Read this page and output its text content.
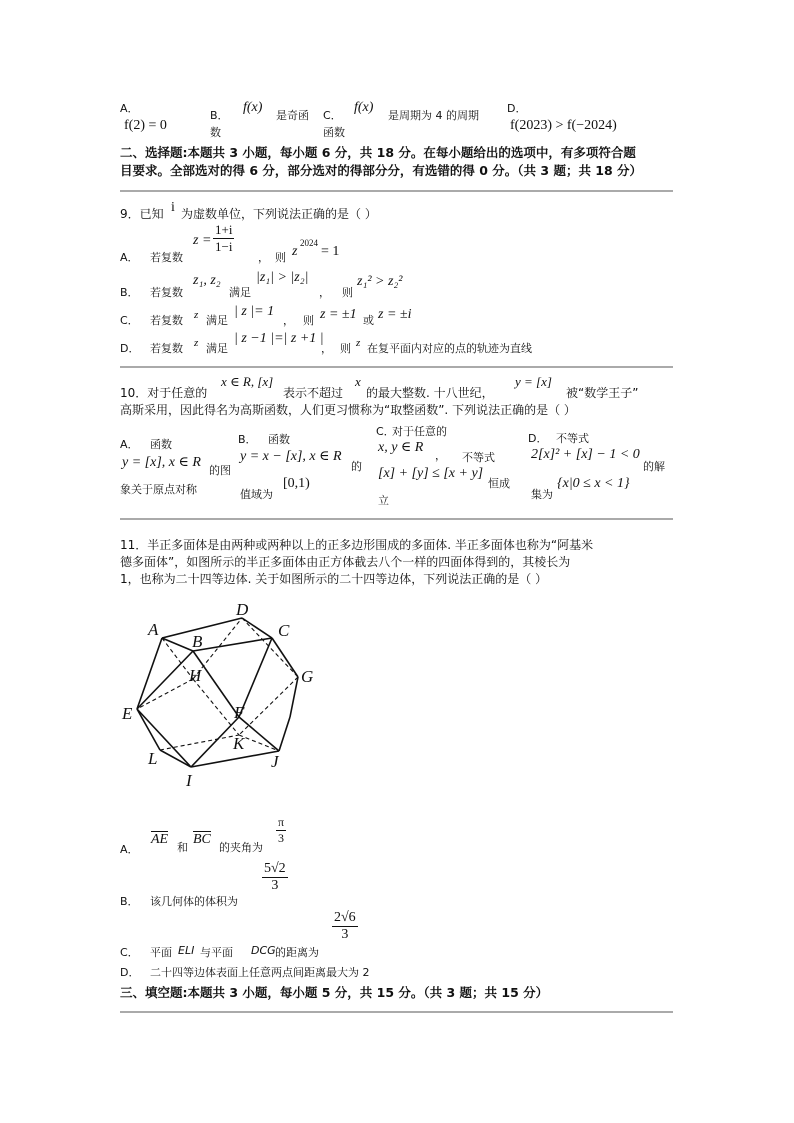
A．
f(2) = 0
B．
f(x)
是奇函
数
C．
f(x)
是周期为 4 的周期
函数
D．
f(2023) > f(−2024)
二、选择题:本题共 3 小题，每小题 6 分，共 18 分。在每小题给出的选项中，有多项符合题
目要求。全部选对的得 6 分，部分选对的得部分分，有选错的得 0 分。（共 3 题；共 18 分）
9．已知 i 为虚数单位，下列说法正确的是（ ）
A． 若复数
$z = \frac{1+i}{1-i}$
， 则 z
2024
= 1
B． 若复数
z₁, z₂
满足
|z₁| > |z₂|
， 则
z₁² > z₂²
C． 若复数 z 满足
| z |= 1
， 则 z = ±1 或 z = ±i
D． 若复数 z 满足
| z −1 |=| z +1 |
， 则 z 在复平面内对应的点的轨迹为直线
10．对于任意的
x ∈ R, [x]
表示不超过
x
的最大整数. 十八世纪，
y = [x]
被“数学王子”
高斯采用，因此得名为高斯函数，人们更习惯称为“取整函数”. 下列说法正确的是（ ）
A． 函数
y = [x], x ∈ R
的图
象关于原点对称
B． 函数
y = x − [x], x ∈ R
的
值域为
[0,1)
C．
对于任意的
x, y ∈ R
， 不等式
[x] + [y] ≤ [x + y]
恒成
立
D． 不等式
2[x]² + [x] − 1 < 0
的解
集为
{x|0 ≤ x < 1}
11．半正多面体是由两种或两种以上的正多边形围成的多面体. 半正多面体也称为“阿基米
德多面体”，如图所示的半正多面体由正方体截去八个一样的四面体得到的，其棱长为
1，也称为二十四等边体. 关于如图所示的二十四等边体，下列说法正确的是（ ）
A
B
C
D
E	F
G
H
I
J
K
L
A．
AE
和
BC
的夹角为
$\frac{\pi}{3}$
B． 该几何体的体积为
$\frac{5√2}{3}$
C． 平面 ELI 与平面 DCG 的距离为
$\frac{2√6}{3}$
D． 二十四等边体表面上任意两点间距离最大为 2
三、填空题:本题共 3 小题，每小题 5 分，共 15 分。（共 3 题；共 15 分）
